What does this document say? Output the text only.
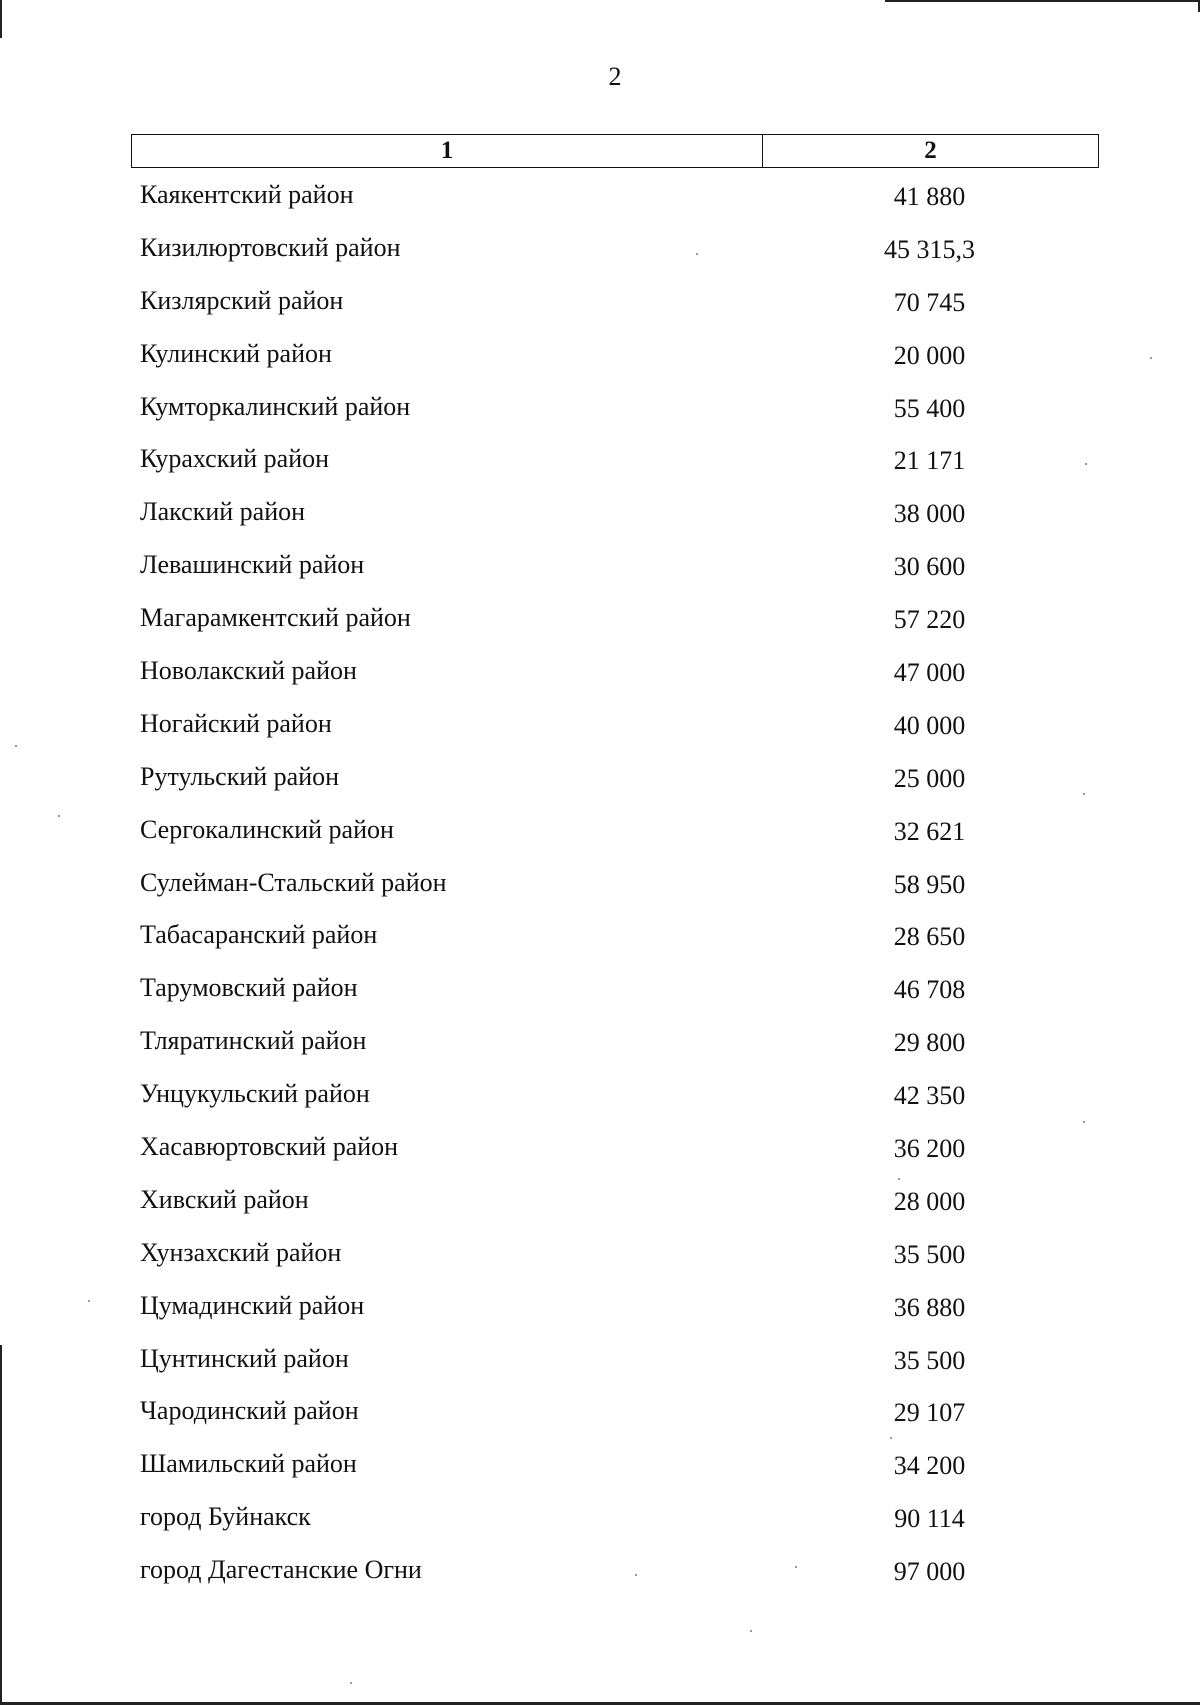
2
1	2
Каякентский район	41 880
Кизилюртовский район	45 315,3
Кизлярский район	70 745
Кулинский район	20 000
Кумторкалинский район	55 400
Курахский район	21 171
Лакский район	38 000
Левашинский район	30 600
Магарамкентский район	57 220
Новолакский район	47 000
Ногайский район	40 000
Рутульский район	25 000
Сергокалинский район	32 621
Сулейман-Стальский район	58 950
Табасаранский район	28 650
Тарумовский район	46 708
Тляратинский район	29 800
Унцукульский район	42 350
Хасавюртовский район	36 200
Хивский район	28 000
Хунзахский район	35 500
Цумадинский район	36 880
Цунтинский район	35 500
Чародинский район	29 107
Шамильский район	34 200
город Буйнакск	90 114
город Дагестанские Огни	97 000
